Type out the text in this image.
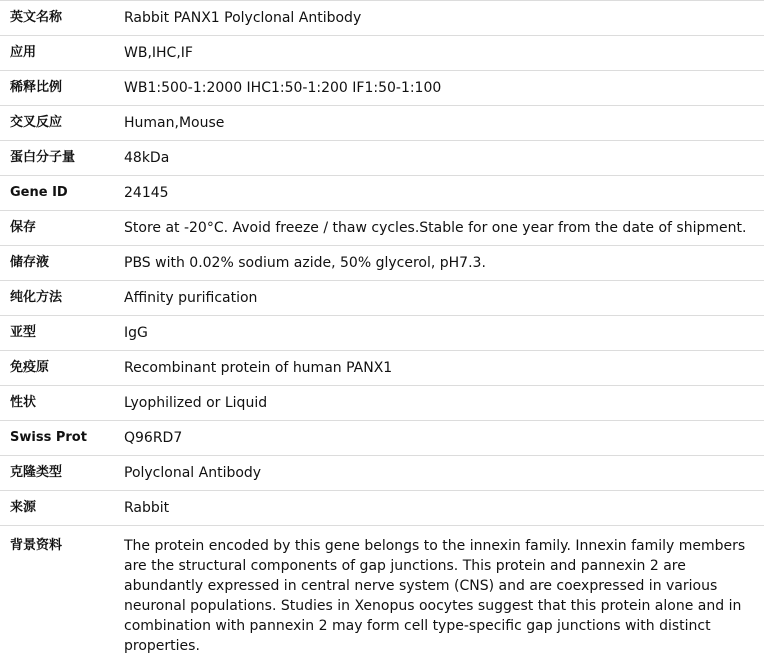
英文名称	Rabbit PANX1 Polyclonal Antibody
应用	WB,IHC,IF
稀释比例	WB1:500-1:2000 IHC1:50-1:200 IF1:50-1:100
交叉反应	Human,Mouse
蛋白分子量	48kDa
Gene ID	24145
保存	Store at -20°C. Avoid freeze / thaw cycles.Stable for one year from the date of shipment.
储存液	PBS with 0.02% sodium azide, 50% glycerol, pH7.3.
纯化方法	Affinity purification
亚型	IgG
免疫原	Recombinant protein of human PANX1
性状	Lyophilized or Liquid
Swiss Prot	Q96RD7
克隆类型	Polyclonal Antibody
来源	Rabbit
背景资料	The protein encoded by this gene belongs to the innexin family. Innexin family members are the structural components of gap junctions. This protein and pannexin 2 are abundantly expressed in central nerve system (CNS) and are coexpressed in various neuronal populations. Studies in Xenopus oocytes suggest that this protein alone and in combination with pannexin 2 may form cell type-specific gap junctions with distinct properties.
